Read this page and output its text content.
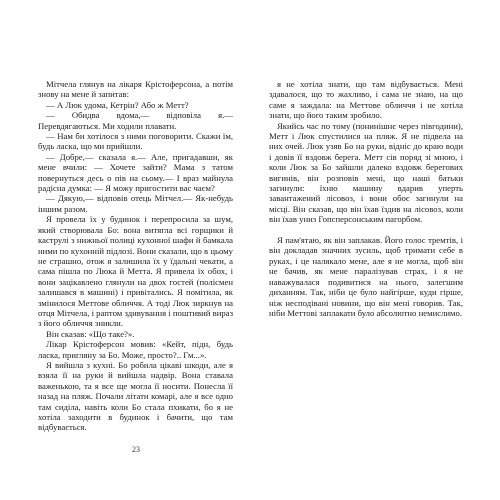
Мітчела глянув на лікаря Крістоферсона, а потім знову на мене й запитав:

— А Люк удома, Кетрін? Або ж Метт?

— Обидва вдома,— відповіла я.— Перевдягаються. Ми ходили плавати.

— Нам би хотілося з ними поговорити. Скажи їм, будь ласка, що ми прийшли.

— Добре,— сказала я.— Але, пригадавши, як мене вчили: — Хочете зайти? Мама з татом повернуться десь о пів на сьому.— І враз майнула радісна думка: — Я можу пригостити вас чаєм?

— Дякую,— відповів отець Мітчел.— Як-небудь іншим разом.

Я провела їх у будинок і перепросила за шум, який створювала Бо: вона витягла всі горщики й каструлі з нижньої полиці кухонної шафи й бамкала ними по кухонній підлозі. Вони сказали, що в цьому не страшно, отож я залишила їх у їдальні чекати, а сама пішла по Люка й Метта. Я привела їх обох, і вони зацікавлено глянули на двох гостей (полісмен залишався в машині) і привітались. Я помітила, як змінилося Меттове обличчя. А тоді Люк зиркнув на отця Мітчела, і раптом здивування і поштивий вираз з його обличчя зникли.

Він сказав: «Що таке?».

Лікар Крістоферсон мовив: «Кейт, підн, будь ласка, пригляну за Бо. Може, просто?.. Гм...».

Я вийшла з кухні. Бо робила цікаві шкоди, але я взяла її на руки й вийшла надвір. Вона ставала важенькою, та я все ще могла її носити. Понесла її назад на пляж. Почали літати комарі, але я все одно там сиділа, навіть коли Бо стала пхикати, бо я не хотіла заходити в будинок і бачити, що там відбувається.

я не хотіла знати, що там відбувається. Мені здавалося, що то жахливо, і сама не знаю, на що саме я заждала: на Меттове обличчя і не хотіла знати, що його таким зробило.

Якийсь час по тому (понинішнє через півгодини), Метт і Люк спустилися на пляж. Я не підвела на них очей. Люк узяв Бо на руки, відніс до краю води і довів її вздовж берега. Метт сів поряд зі мною, і коли Люк за Бо зайшли далеко вздовж берегових вигинів, він розповів мені, що наші батьки загинули: їхню машину вдарив уперть завантажений лісовоз, і вони обоє загинули на місці. Він сказав, що він їхав їздив на лісовоз, коли він їхав униз Гопсперсонським пагорбом.

Я пам'ятаю, як він заплакав. Його голос тремтів, і він докладав значних зусиль, щоб тримати себе в руках, і це налякало мене, але я не могла, щоб він не бачив, як мене паралізував страх, і я не наважувалася подивитися на нього, залегшим диханням. Так, ніби це було найгірше, куди гірше, ніж несподівані новини, що він мені говорив. Так, ніби Меттові заплакати було абсолютно немислимо.

23
